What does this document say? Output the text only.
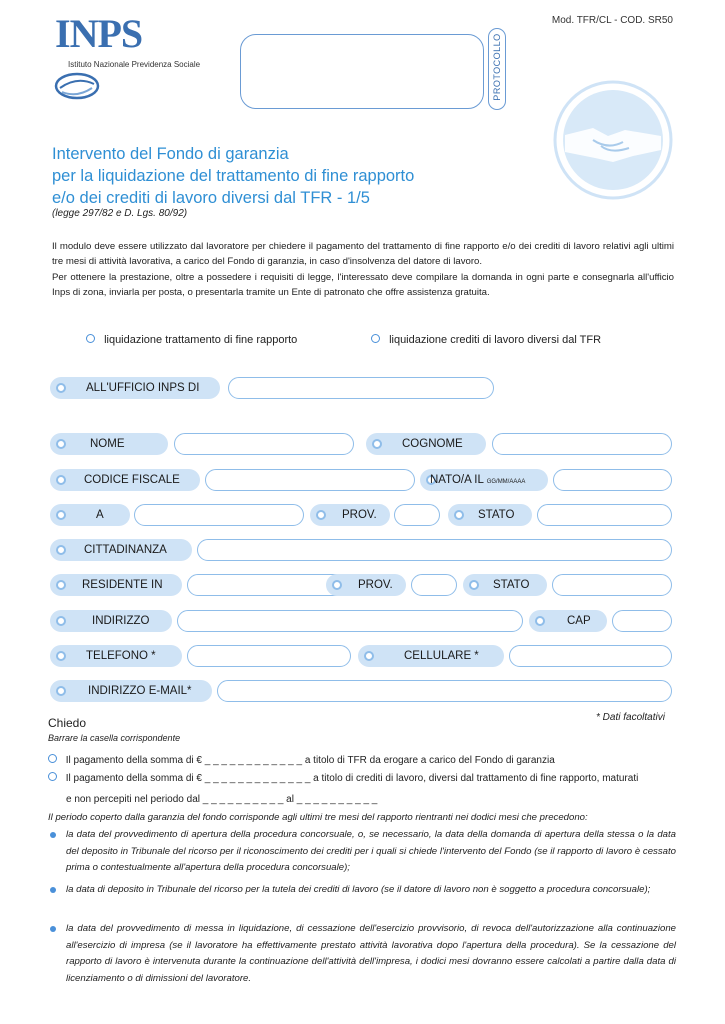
INPS
Istituto Nazionale Previdenza Sociale
Mod. TFR/CL - COD. SR50
PROTOCOLLO
Intervento del Fondo di garanzia
per la liquidazione del trattamento di fine rapporto
e/o dei crediti di lavoro diversi dal TFR - 1/5
(legge 297/82 e D. Lgs. 80/92)

Il modulo deve essere utilizzato dal lavoratore per chiedere il pagamento del trattamento di fine rapporto e/o dei crediti di lavoro relativi agli ultimi tre mesi di attività lavorativa, a carico del Fondo di garanzia, in caso d'insolvenza del datore di lavoro.

Per ottenere la prestazione, oltre a possedere i requisiti di legge, l'interessato deve compilare la domanda in ogni parte e consegnarla all'ufficio Inps di zona, inviarla per posta, o presentarla tramite un Ente di patronato che offre assistenza gratuita.

liquidazione trattamento di fine rapporto	liquidazione crediti di lavoro diversi dal TFR
ALL'UFFICIO INPS DI
NOME	COGNOME
CODICE FISCALE	NATO/A IL GG/MM/AAAA
A	PROV.	STATO
CITTADINANZA
RESIDENTE IN	PROV.	STATO
INDIRIZZO	CAP
TELEFONO *	CELLULARE *
INDIRIZZO E-MAIL*
* Dati facoltativi
Chiedo
Barrare la casella corrispondente
Il pagamento della somma di € _ _ _ _ _ _ _ _ _ _ _ _ a titolo di TFR da erogare a carico del Fondo di garanzia
Il pagamento della somma di € _ _ _ _ _ _ _ _ _ _ _ _ _ a titolo di crediti di lavoro, diversi dal trattamento di fine rapporto, maturati
e non percepiti nel periodo dal _ _ _ _ _ _ _ _ _ _ al _ _ _ _ _ _ _ _ _ _
Il periodo coperto dalla garanzia del fondo corrisponde agli ultimi tre mesi del rapporto rientranti nei dodici mesi che precedono:
la data del provvedimento di apertura della procedura concorsuale, o, se necessario, la data della domanda di apertura della stessa o la data del deposito in Tribunale del ricorso per il riconoscimento dei crediti per i quali si chiede l'intervento del Fondo (se il rapporto di lavoro è cessato prima o contestualmente all'apertura della procedura concorsuale);
la data di deposito in Tribunale del ricorso per la tutela dei crediti di lavoro (se il datore di lavoro non è soggetto a procedura concorsuale);
la data del provvedimento di messa in liquidazione, di cessazione dell'esercizio provvisorio, di revoca dell'autorizzazione alla continuazione all'esercizio di impresa (se il lavoratore ha effettivamente prestato attività lavorativa dopo l'apertura della procedura). Se la cessazione del rapporto di lavoro è intervenuta durante la continuazione dell'attività dell'impresa, i dodici mesi dovranno essere calcolati a partire dalla data di licenziamento o di dimissioni del lavoratore.
